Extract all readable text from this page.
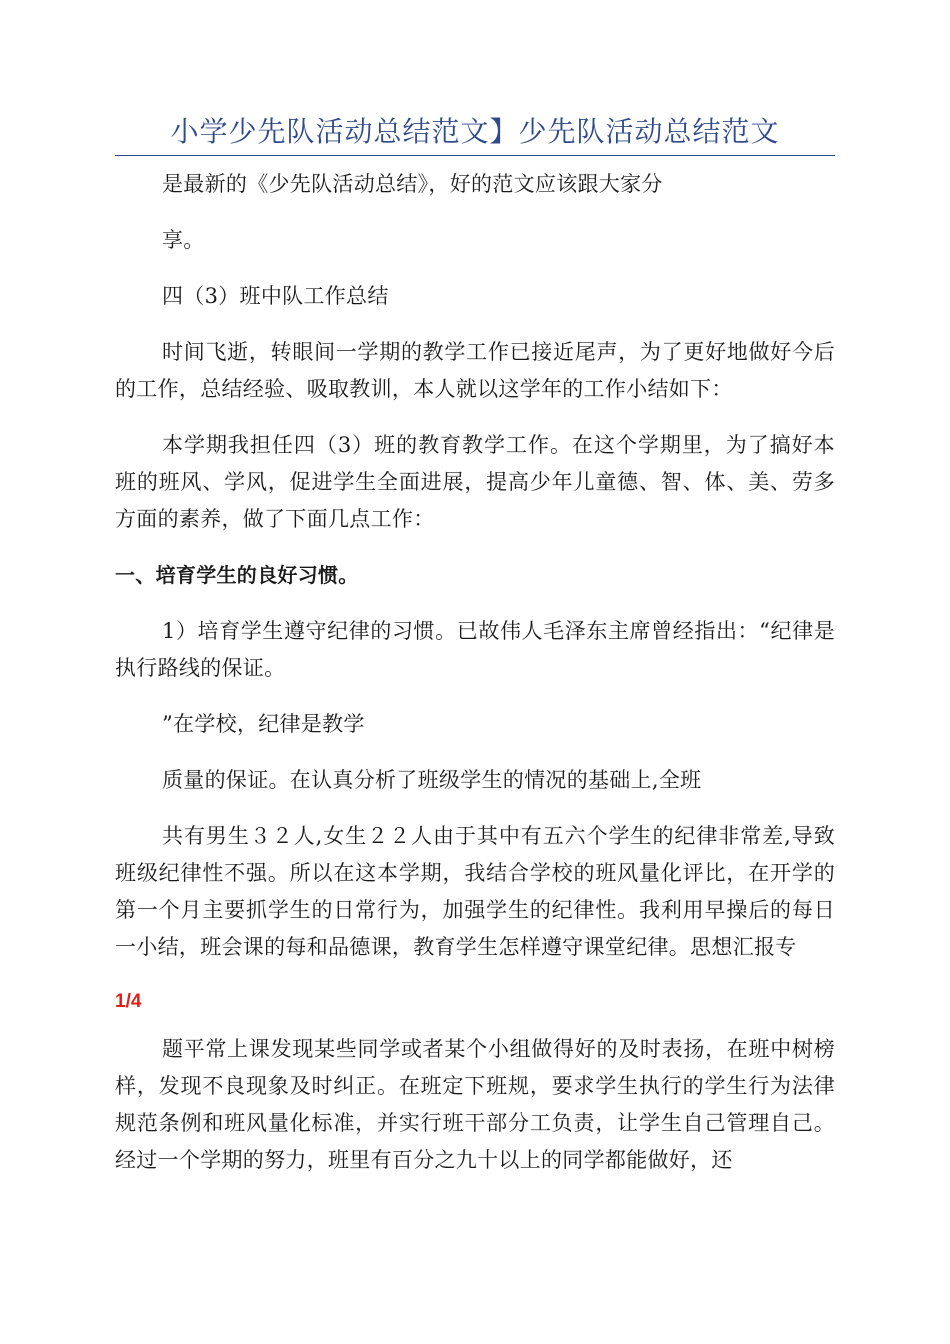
小学少先队活动总结范文】少先队活动总结范文

是最新的《少先队活动总结》，好的范文应该跟大家分

享。

四（3）班中队工作总结

时间飞逝，转眼间一学期的教学工作已接近尾声，为了更好地做好今后的工作，总结经验、吸取教训，本人就以这学年的工作小结如下：

本学期我担任四（3）班的教育教学工作。在这个学期里，为了搞好本班的班风、学风，促进学生全面进展，提高少年儿童德、智、体、美、劳多方面的素养，做了下面几点工作：

一、培育学生的良好习惯。

1）培育学生遵守纪律的习惯。已故伟人毛泽东主席曾经指出：“纪律是执行路线的保证。

”在学校，纪律是教学

质量的保证。在认真分析了班级学生的情况的基础上,全班

共有男生３２人,女生２２人由于其中有五六个学生的纪律非常差,导致班级纪律性不强。所以在这本学期，我结合学校的班风量化评比，在开学的第一个月主要抓学生的日常行为，加强学生的纪律性。我利用早操后的每日一小结，班会课的每和品德课，教育学生怎样遵守课堂纪律。思想汇报专

1/4

题平常上课发现某些同学或者某个小组做得好的及时表扬，在班中树榜样，发现不良现象及时纠正。在班定下班规，要求学生执行的学生行为法律规范条例和班风量化标准，并实行班干部分工负责，让学生自己管理自己。经过一个学期的努力，班里有百分之九十以上的同学都能做好，还
